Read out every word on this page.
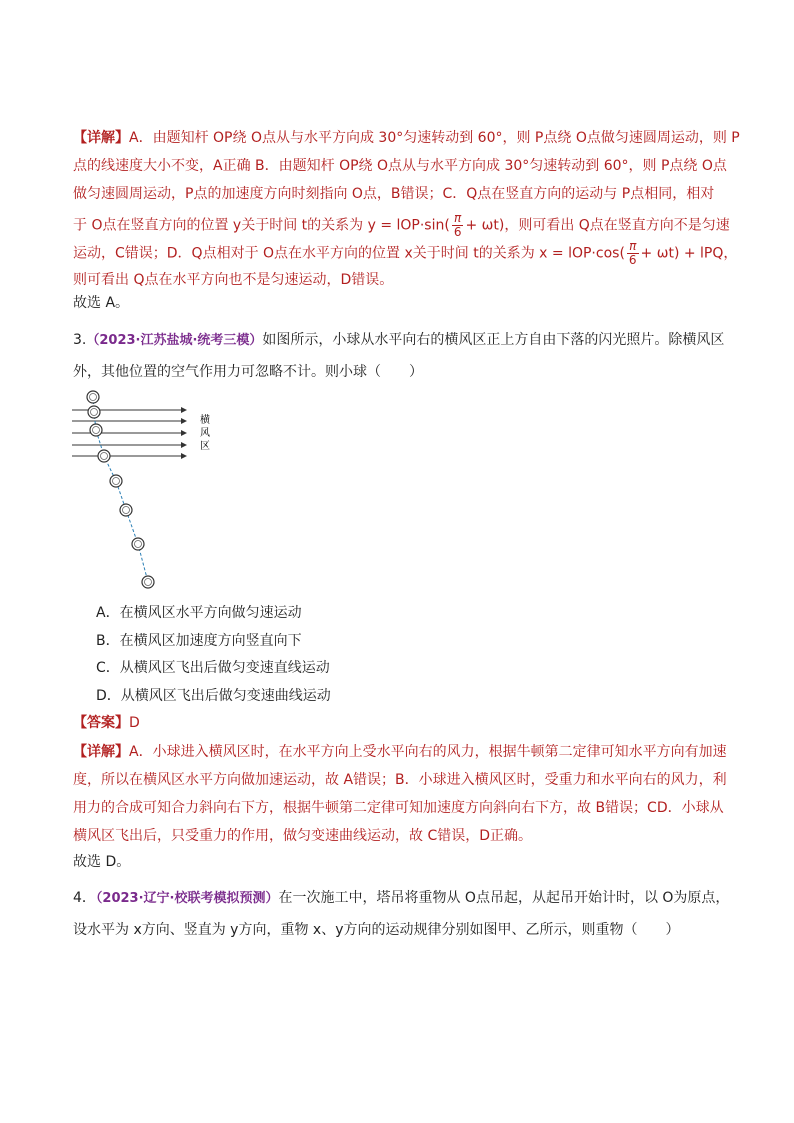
【详解】A．由题知杆 OP绕 O点从与水平方向成 30°匀速转动到 60°，则 P点绕 O点做匀速圆周运动，则 P
点的线速度大小不变，A正确 B．由题知杆 OP绕 O点从与水平方向成 30°匀速转动到 60°，则 P点绕 O点
做匀速圆周运动，P点的加速度方向时刻指向 O点，B错误；C．Q点在竖直方向的运动与 P点相同，相对
于 O点在竖直方向的位置 y关于时间 t的关系为 $y = lOP\cdot\sin( \frac{\pi}{6} + \omega t)$，则可看出 Q点在竖直方向不是匀速
运动，C错误；D．Q点相对于 O点在水平方向的位置 x关于时间 t的关系为 $x = lOP\cdot\cos( \frac{\pi}{6} + \omega t)$ + lPQ，
则可看出 Q点在水平方向也不是匀速运动，D错误。
故选 A。
3.（2023·江苏盐城·统考三模）如图所示，小球从水平向右的横风区正上方自由下落的闪光照片。除横风区
外，其他位置的空气作用力可忽略不计。则小球（　　）
横
风
区
A．在横风区水平方向做匀速运动
B．在横风区加速度方向竖直向下
C．从横风区飞出后做匀变速直线运动
D．从横风区飞出后做匀变速曲线运动
【答案】D
【详解】A．小球进入横风区时，在水平方向上受水平向右的风力，根据牛顿第二定律可知水平方向有加速
度，所以在横风区水平方向做加速运动，故 A错误；B．小球进入横风区时，受重力和水平向右的风力，利
用力的合成可知合力斜向右下方，根据牛顿第二定律可知加速度方向斜向右下方，故 B错误；CD．小球从
横风区飞出后，只受重力的作用，做匀变速曲线运动，故 C错误，D正确。
故选 D。
4．（2023·辽宁·校联考模拟预测）在一次施工中，塔吊将重物从 O点吊起，从起吊开始计时，以 O为原点，
设水平为 x方向、竖直为 y方向，重物 x、y方向的运动规律分别如图甲、乙所示，则重物（　　）
